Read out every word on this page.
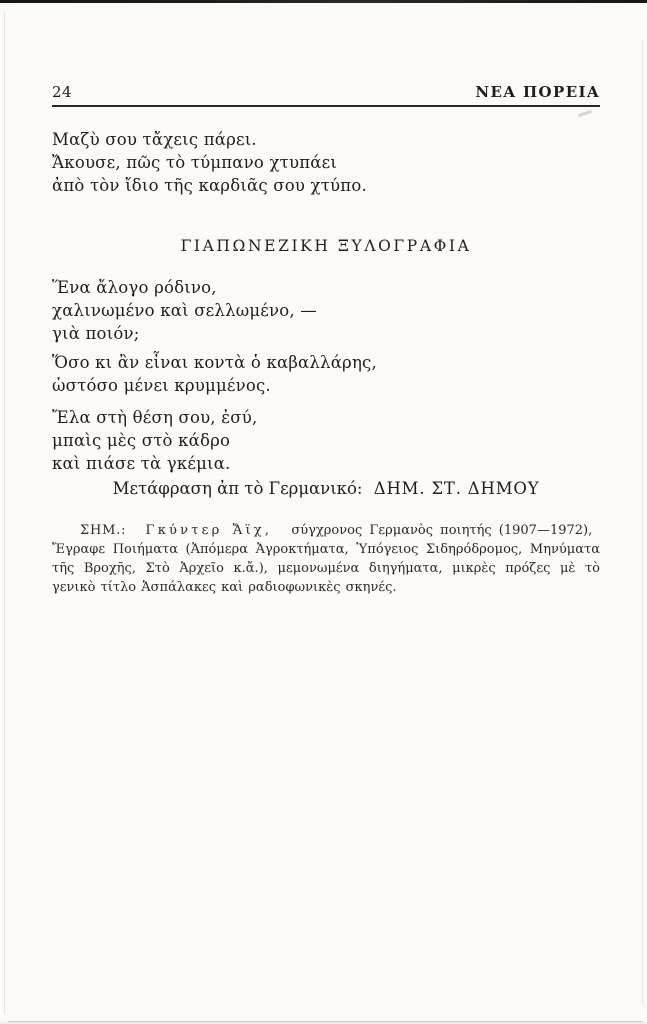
24	ΝΕΑ ΠΟΡΕΙΑ
Μαζὺ σου τἄχεις πάρει.
Ἄκουσε, πῶς τὸ τύμπανο χτυπάει
ἀπὸ τὸν ἴδιο τῆς καρδιᾶς σου χτύπο.
ΓΙΑΠΩΝΕΖΙΚΗ ΞΥΛΟΓΡΑΦΙΑ
Ἕνα ἄλογο ρόδινο,
χαλινωμένο καὶ σελλωμένο, —
γιὰ ποιόν;
Ὅσο κι ἂν εἶναι κοντὰ ὁ καβαλλάρης,
ὡστόσο μένει κρυμμένος.
Ἔλα στὴ θέση σου, ἐσύ,
μπαὶς μὲς στὸ κάδρο
καὶ πιάσε τὰ γκέμια.
Μετάφραση ἀπ τὸ Γερμανικό: ΔΗΜ. ΣΤ. ΔΗΜΟΥ

ΣΗΜ.: Γκύντερ Ἄϊχ, σύγχρονος Γερμανὸς ποιητής (1907—1972),

Ἔγραφε Ποιήματα (Ἀπόμερα Ἀγροκτήματα, Ὑπόγειος Σιδηρόδρομος, Μηνύματα τῆς Βροχῆς, Στὸ Ἀρχεῖο κ.ἄ.), μεμονωμένα διηγήματα, μικρὲς πρόζες μὲ τὸ γενικὸ τίτλο Ἀσπάλακες καὶ ραδιοφωνικὲς σκηνές.
